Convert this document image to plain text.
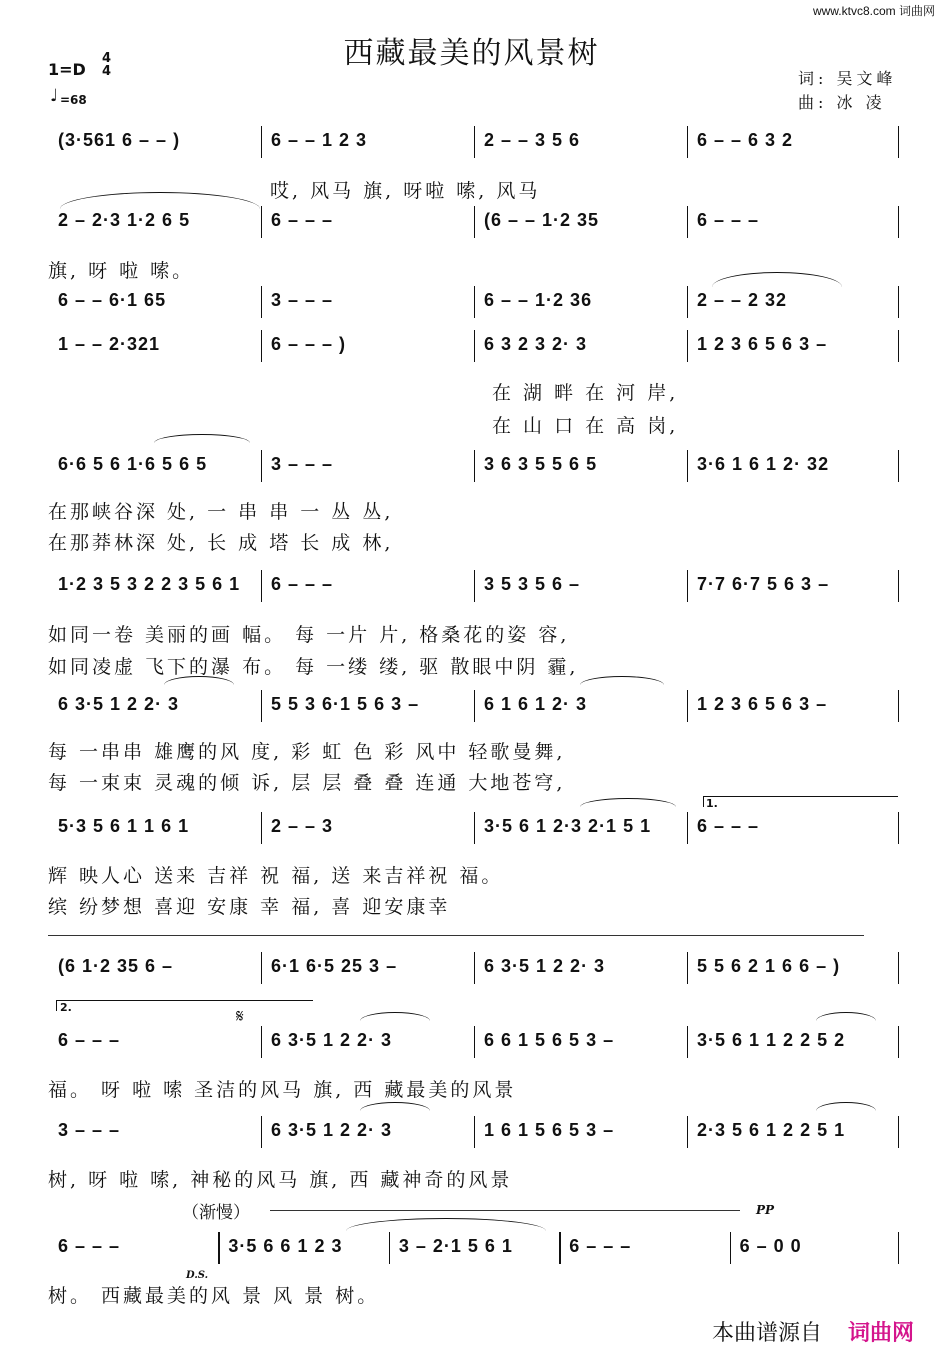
www.ktvc8.com 词曲网
西藏最美的风景树
1=D
4
4
♩ =68
词: 吴文峰
曲: 冰 凌
(3·561 6 – – )	6 – – 1 2 3	2 – – 3 5 6	6 – – 6 3 2
2 – 2·3 1·2 6 5	6 – – –	(6 – – 1·2 35	6 – – –
6 – – 6·1 65	3 – – –	6 – – 1·2 36	2 – – 2 32
1 – – 2·321	6 – – – )	6 3 2 3 2· 3	1 2 3 6 5 6 3 –
6·6 5 6 1·6 5 6 5	3 – – –	3 6 3 5 5 6 5	3·6 1 6 1 2· 32
1·2 3 5 3 2 2 3 5 6 1	6 – – –	3 5 3 5 6 –	7·7 6·7 5 6 3 –
6 3·5 1 2 2· 3	5 5 3 6·1 5 6 3 –	6 1 6 1 2· 3	1 2 3 6 5 6 3 –
5·3 5 6 1 1 6 1	2 – – 3	3·5 6 1 2·3 2·1 5 1	6 – – –
(6 1·2 35 6 –	6·1 6·5 25 3 –	6 3·5 1 2 2· 3	5 5 6 2 1 6 6 – )
6 – – –	6 3·5 1 2 2· 3	6 6 1 5 6 5 3 –	3·5 6 1 1 2 2 5 2
3 – – –	6 3·5 1 2 2· 3	1 6 1 5 6 5 3 –	2·3 5 6 1 2 2 5 1
6 – – –	3·5 6 6 1 2 3	3 – 2·1 5 6 1	6 – – –	6 – 0 0
（渐慢）	PP
D.S.
𝄋
1.
2.
哎, 风马 旗, 呀啦 嗦, 风马
旗, 呀 啦 嗦。
在 湖 畔 在 河 岸,
在 山 口 在 高 岗,
在那峡谷深 处, 一 串 串 一 丛 丛,
在那莽林深 处, 长 成 塔 长 成 林,
如同一卷 美丽的画 幅。 每 一片 片, 格桑花的姿 容,
如同凌虚 飞下的瀑 布。 每 一缕 缕, 驱 散眼中阴 霾,
每 一串串 雄鹰的风 度, 彩 虹 色 彩 风中 轻歌曼舞,
每 一束束 灵魂的倾 诉, 层 层 叠 叠 连通 大地苍穹,
辉 映人心 送来 吉祥 祝 福, 送 来吉祥祝 福。
缤 纷梦想 喜迎 安康 幸 福, 喜 迎安康幸
福。 呀 啦 嗦 圣洁的风马 旗, 西 藏最美的风景
树, 呀 啦 嗦, 神秘的风马 旗, 西 藏神奇的风景
树。 西藏最美的风 景 风 景 树。
本曲谱源自 词曲网
